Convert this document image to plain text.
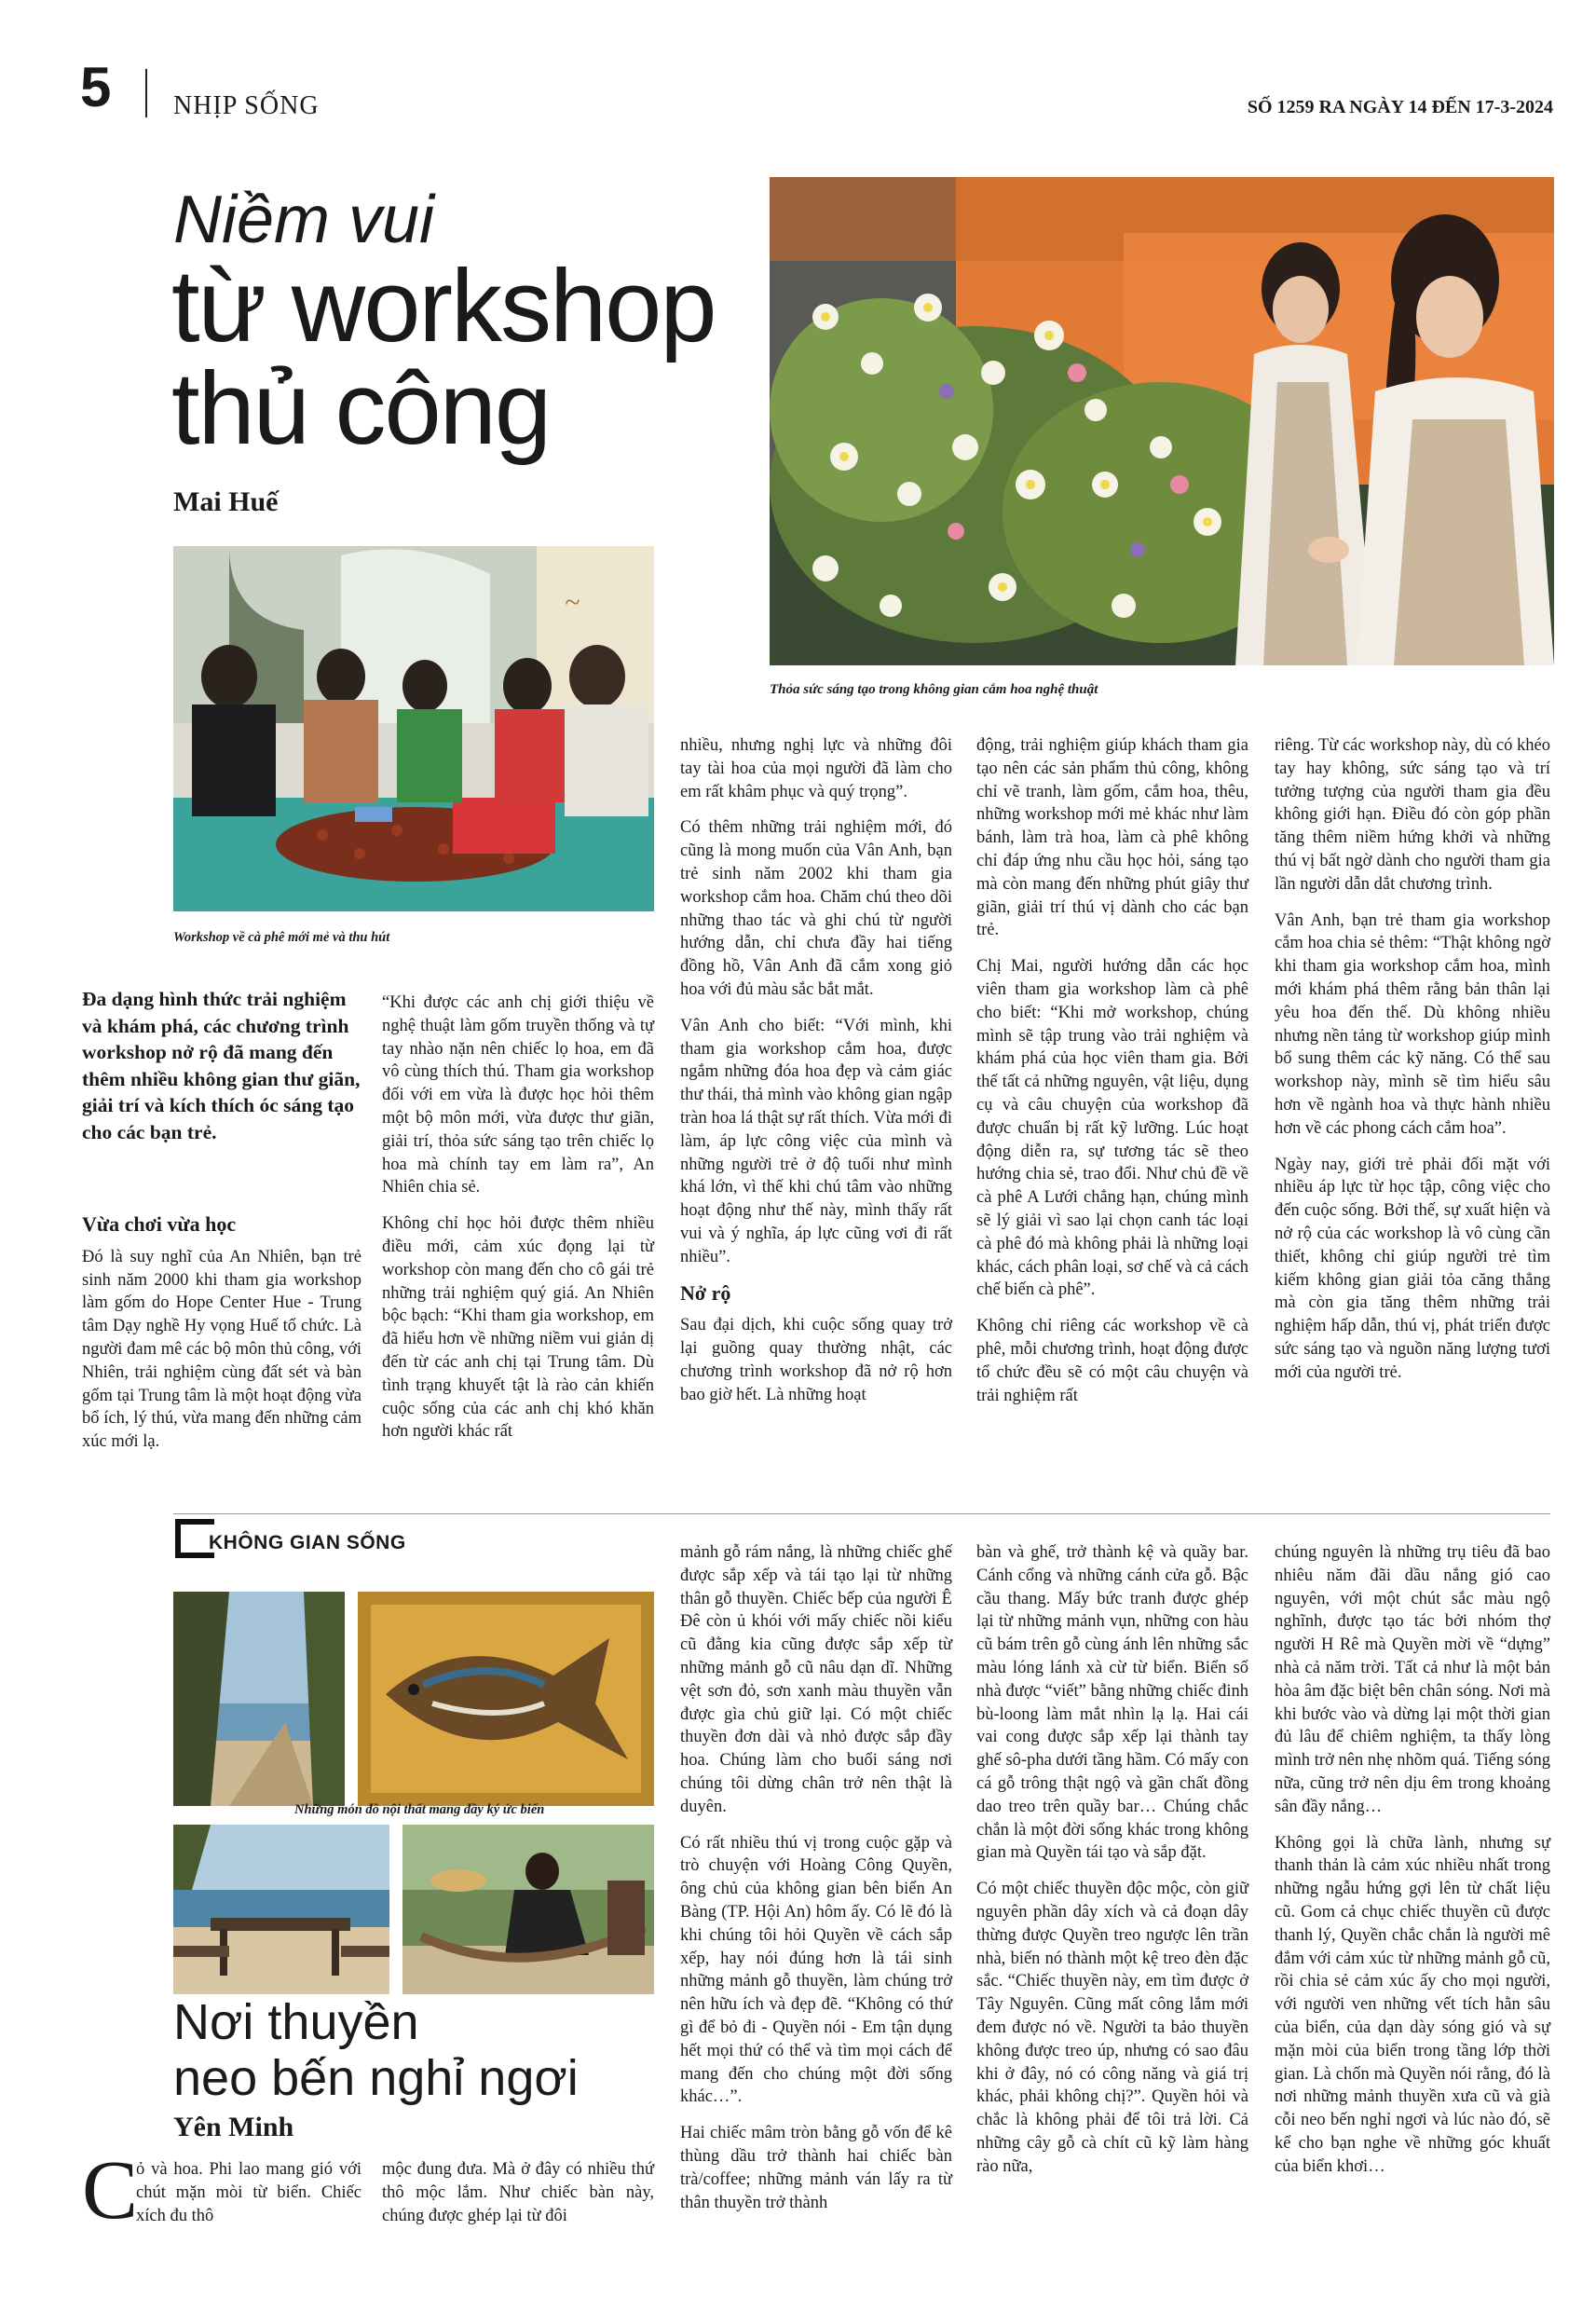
5 NHỊP SỐNG	SỐ 1259 RA NGÀY 14 ĐẾN 17-3-2024
Niềm vui
từ workshop
thủ công
Mai Huế
Thỏa sức sáng tạo trong không gian cắm hoa nghệ thuật
~
Workshop về cà phê mới mẻ và thu hút
Đa dạng hình thức trải nghiệm và khám phá, các chương trình workshop nở rộ đã mang đến thêm nhiều không gian thư giãn, giải trí và kích thích óc sáng tạo cho các bạn trẻ.
Vừa chơi vừa học

Đó là suy nghĩ của An Nhiên, bạn trẻ sinh năm 2000 khi tham gia workshop làm gốm do Hope Center Hue - Trung tâm Dạy nghề Hy vọng Huế tổ chức. Là người đam mê các bộ môn thủ công, với Nhiên, trải nghiệm cùng đất sét và bàn gốm tại Trung tâm là một hoạt động vừa bổ ích, lý thú, vừa mang đến những cảm xúc mới lạ.

“Khi được các anh chị giới thiệu về nghệ thuật làm gốm truyền thống và tự tay nhào nặn nên chiếc lọ hoa, em đã vô cùng thích thú. Tham gia workshop đối với em vừa là được học hỏi thêm một bộ môn mới, vừa được thư giãn, giải trí, thỏa sức sáng tạo trên chiếc lọ hoa mà chính tay em làm ra”, An Nhiên chia sẻ.

Không chỉ học hỏi được thêm nhiều điều mới, cảm xúc đọng lại từ workshop còn mang đến cho cô gái trẻ những trải nghiệm quý giá. An Nhiên bộc bạch: “Khi tham gia workshop, em đã hiểu hơn về những niềm vui giản dị đến từ các anh chị tại Trung tâm. Dù tình trạng khuyết tật là rào cản khiến cuộc sống của các anh chị khó khăn hơn người khác rất

nhiều, nhưng nghị lực và những đôi tay tài hoa của mọi người đã làm cho em rất khâm phục và quý trọng”.

Có thêm những trải nghiệm mới, đó cũng là mong muốn của Vân Anh, bạn trẻ sinh năm 2002 khi tham gia workshop cắm hoa. Chăm chú theo dõi những thao tác và ghi chú từ người hướng dẫn, chỉ chưa đầy hai tiếng đồng hồ, Vân Anh đã cắm xong giỏ hoa với đủ màu sắc bắt mắt.

Vân Anh cho biết: “Với mình, khi tham gia workshop cắm hoa, được ngắm những đóa hoa đẹp và cảm giác thư thái, thả mình vào không gian ngập tràn hoa lá thật sự rất thích. Vừa mới đi làm, áp lực công việc của mình và những người trẻ ở độ tuổi như mình khá lớn, vì thế khi chú tâm vào những hoạt động như thế này, mình thấy rất vui và ý nghĩa, áp lực cũng vơi đi rất nhiều”.

Nở rộ

Sau đại dịch, khi cuộc sống quay trở lại guồng quay thường nhật, các chương trình workshop đã nở rộ hơn bao giờ hết. Là những hoạt

động, trải nghiệm giúp khách tham gia tạo nên các sản phẩm thủ công, không chỉ vẽ tranh, làm gốm, cắm hoa, thêu, những workshop mới mẻ khác như làm bánh, làm trà hoa, làm cà phê không chỉ đáp ứng nhu cầu học hỏi, sáng tạo mà còn mang đến những phút giây thư giãn, giải trí thú vị dành cho các bạn trẻ.

Chị Mai, người hướng dẫn các học viên tham gia workshop làm cà phê cho biết: “Khi mở workshop, chúng mình sẽ tập trung vào trải nghiệm và khám phá của học viên tham gia. Bởi thế tất cả những nguyên, vật liệu, dụng cụ và câu chuyện của workshop đã được chuẩn bị rất kỹ lưỡng. Lúc hoạt động diễn ra, sự tương tác sẽ theo hướng chia sẻ, trao đổi. Như chủ đề về cà phê A Lưới chẳng hạn, chúng mình sẽ lý giải vì sao lại chọn canh tác loại cà phê đó mà không phải là những loại khác, cách phân loại, sơ chế và cả cách chế biến cà phê”.

Không chỉ riêng các workshop về cà phê, mỗi chương trình, hoạt động được tổ chức đều sẽ có một câu chuyện và trải nghiệm rất

riêng. Từ các workshop này, dù có khéo tay hay không, sức sáng tạo và trí tưởng tượng của người tham gia đều không giới hạn. Điều đó còn góp phần tăng thêm niềm hứng khởi và những thú vị bất ngờ dành cho người tham gia lần người dẫn dắt chương trình.

Vân Anh, bạn trẻ tham gia workshop cắm hoa chia sẻ thêm: “Thật không ngờ khi tham gia workshop cắm hoa, mình mới khám phá thêm rằng bản thân lại yêu hoa đến thế. Dù không nhiều nhưng nền tảng từ workshop giúp mình bổ sung thêm các kỹ năng. Có thể sau workshop này, mình sẽ tìm hiểu sâu hơn về ngành hoa và thực hành nhiều hơn về các phong cách cắm hoa”.

Ngày nay, giới trẻ phải đối mặt với nhiều áp lực từ học tập, công việc cho đến cuộc sống. Bởi thế, sự xuất hiện và nở rộ của các workshop là vô cùng cần thiết, không chỉ giúp người trẻ tìm kiếm không gian giải tỏa căng thẳng mà còn gia tăng thêm những trải nghiệm hấp dẫn, thú vị, phát triển được sức sáng tạo và nguồn năng lượng tươi mới của người trẻ.

KHÔNG GIAN SỐNG
Những món đồ nội thất mang đầy ký ức biển
Nơi thuyền
neo bến nghỉ ngơi
Yên Minh
C

ỏ và hoa. Phi lao mang gió với chút mặn mòi từ biển. Chiếc xích đu thô

mộc đung đưa. Mà ở đây có nhiều thứ thô mộc lắm. Như chiếc bàn này, chúng được ghép lại từ đôi

mảnh gỗ rám nắng, là những chiếc ghế được sắp xếp và tái tạo lại từ những thân gỗ thuyền. Chiếc bếp của người Ê Đê còn ủ khói với mấy chiếc nồi kiểu cũ đằng kia cũng được sắp xếp từ những mảnh gỗ cũ nâu dạn dĩ. Những vệt sơn đỏ, sơn xanh màu thuyền vẫn được gìa chủ giữ lại. Có một chiếc thuyền đơn dài và nhỏ được sắp đầy hoa. Chúng làm cho buổi sáng nơi chúng tôi dừng chân trở nên thật là duyên.

Có rất nhiều thú vị trong cuộc gặp và trò chuyện với Hoàng Công Quyền, ông chủ của không gian bên biển An Bàng (TP. Hội An) hôm ấy. Có lẽ đó là khi chúng tôi hỏi Quyền về cách sắp xếp, hay nói đúng hơn là tái sinh những mảnh gỗ thuyền, làm chúng trở nên hữu ích và đẹp đẽ. “Không có thứ gì để bỏ đi - Quyền nói - Em tận dụng hết mọi thứ có thể và tìm mọi cách để mang đến cho chúng một đời sống khác…”.

Hai chiếc mâm tròn bằng gỗ vốn để kê thùng dầu trở thành hai chiếc bàn trà/coffee; những mảnh ván lấy ra từ thân thuyền trở thành

bàn và ghế, trở thành kệ và quầy bar. Cánh cổng và những cánh cửa gỗ. Bậc cầu thang. Mấy bức tranh được ghép lại từ những mảnh vụn, những con hàu cũ bám trên gỗ cùng ánh lên những sắc màu lóng lánh xà cừ từ biển. Biển số nhà được “viết” bằng những chiếc đinh bù-loong làm mắt nhìn lạ lạ. Hai cái vai cong được sắp xếp lại thành tay ghế sô-pha dưới tầng hầm. Có mấy con cá gỗ trông thật ngộ và gần chất đồng dao treo trên quầy bar… Chúng chắc chắn là một đời sống khác trong không gian mà Quyền tái tạo và sắp đặt.

Có một chiếc thuyền độc mộc, còn giữ nguyên phần dây xích và cả đoạn dây thừng được Quyền treo ngược lên trần nhà, biến nó thành một kệ treo đèn đặc sắc. “Chiếc thuyền này, em tìm được ở Tây Nguyên. Cũng mất công lắm mới đem được nó về. Người ta bảo thuyền không được treo úp, nhưng có sao đâu khi ở đây, nó có công năng và giá trị khác, phải không chị?”. Quyền hỏi và chắc là không phải để tôi trả lời. Cả những cây gỗ cà chít cũ kỹ làm hàng rào nữa,

chúng nguyên là những trụ tiêu đã bao nhiêu năm đãi dầu nắng gió cao nguyên, với một chút sắc màu ngộ nghĩnh, được tạo tác bởi nhóm thợ người H Rê mà Quyền mời về “dựng” nhà cả năm trời. Tất cả như là một bản hòa âm đặc biệt bên chân sóng. Nơi mà khi bước vào và dừng lại một thời gian đủ lâu để chiêm nghiệm, ta thấy lòng mình trở nên nhẹ nhõm quá. Tiếng sóng nữa, cũng trở nên dịu êm trong khoảng sân đầy nắng…

Không gọi là chữa lành, nhưng sự thanh thản là cảm xúc nhiều nhất trong những ngẫu hứng gợi lên từ chất liệu cũ. Gom cả chục chiếc thuyền cũ được thanh lý, Quyền chắc chắn là người mê đắm với cảm xúc từ những mảnh gỗ cũ, rồi chia sẻ cảm xúc ấy cho mọi người, với người ven những vết tích hằn sâu của biển, của dạn dày sóng gió và sự mặn mòi của biển trong tầng lớp thời gian. Là chốn mà Quyền nói rằng, đó là nơi những mảnh thuyền xưa cũ và già cỗi neo bến nghỉ ngơi và lúc nào đó, sẽ kể cho bạn nghe về những góc khuất của biển khơi…
